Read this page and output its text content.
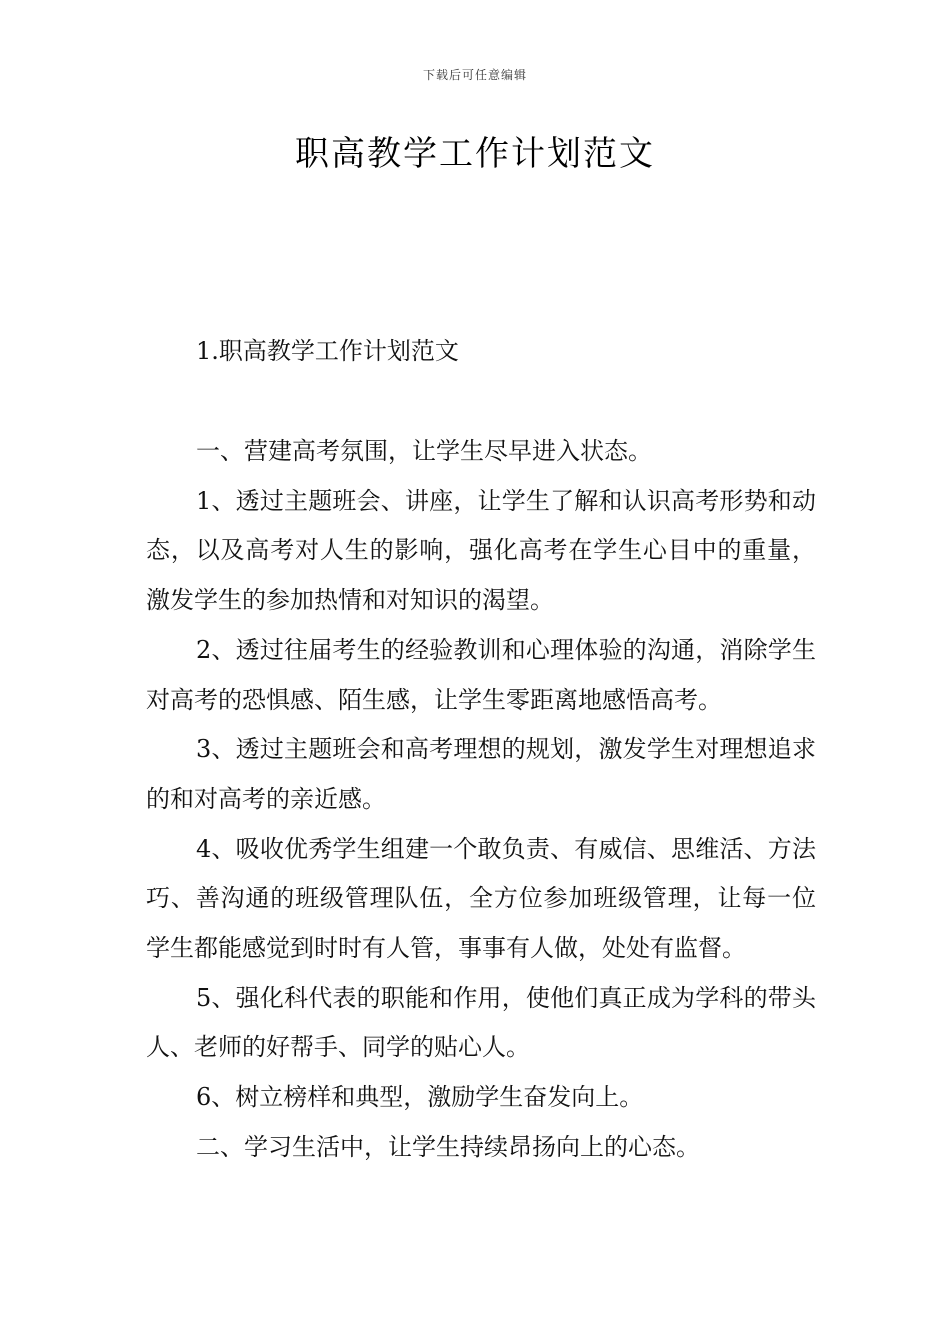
下载后可任意编辑
职高教学工作计划范文
1.职高教学工作计划范文

一、营建高考氛围，让学生尽早进入状态。

1、透过主题班会、讲座，让学生了解和认识高考形势和动态，以及高考对人生的影响，强化高考在学生心目中的重量，激发学生的参加热情和对知识的渴望。

2、透过往届考生的经验教训和心理体验的沟通，消除学生对高考的恐惧感、陌生感，让学生零距离地感悟高考。

3、透过主题班会和高考理想的规划，激发学生对理想追求的和对高考的亲近感。

4、吸收优秀学生组建一个敢负责、有威信、思维活、方法巧、善沟通的班级管理队伍，全方位参加班级管理，让每一位学生都能感觉到时时有人管，事事有人做，处处有监督。

5、强化科代表的职能和作用，使他们真正成为学科的带头人、老师的好帮手、同学的贴心人。

6、树立榜样和典型，激励学生奋发向上。

二、学习生活中，让学生持续昂扬向上的心态。
